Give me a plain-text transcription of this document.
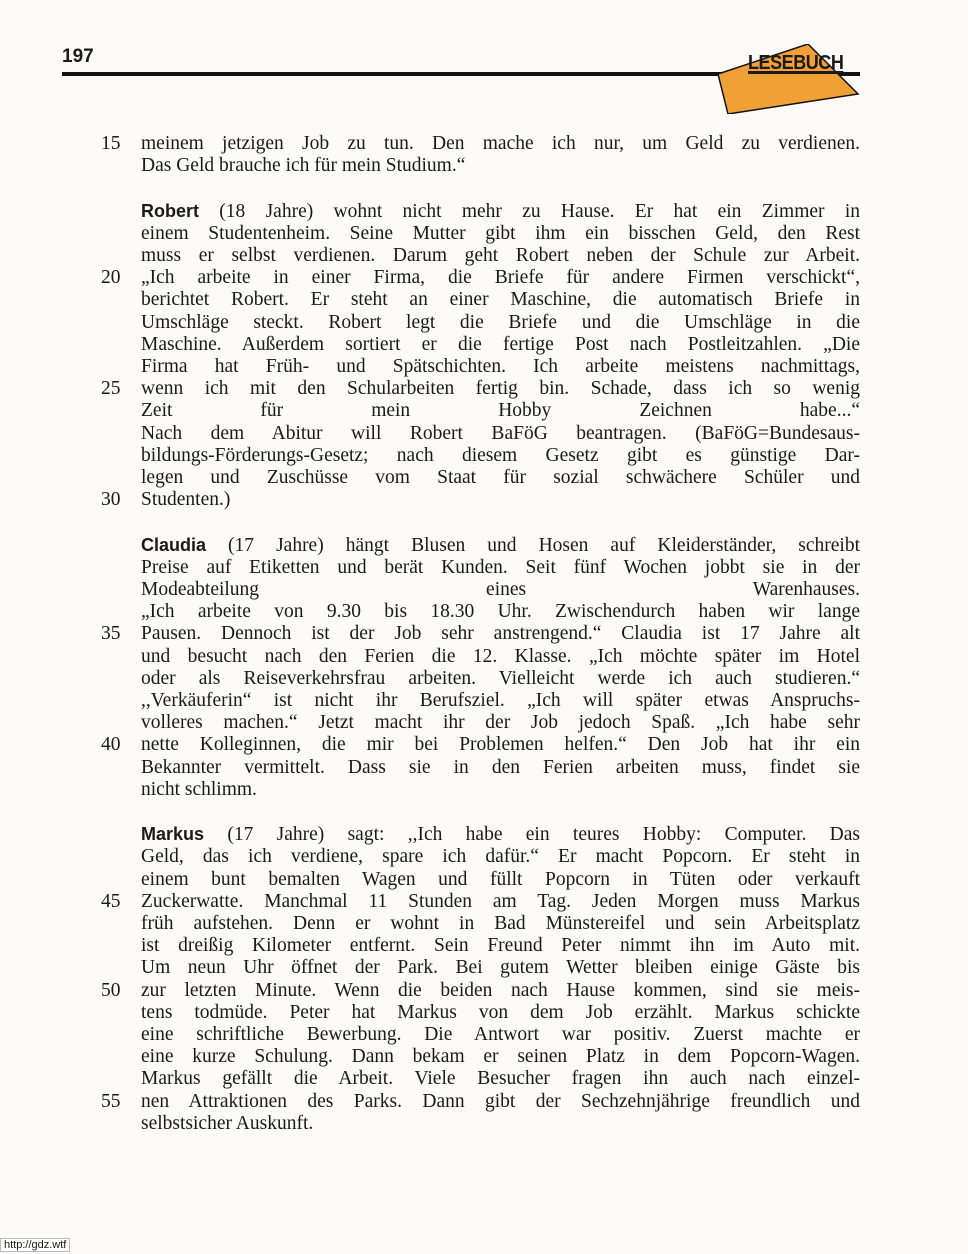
197	LESEBUCH
15	meinem jetzigen Job zu tun. Den mache ich nur, um Geld zu verdienen.
Das Geld brauche ich für mein Studium.“
Robert (18 Jahre) wohnt nicht mehr zu Hause. Er hat ein Zimmer in
einem Studentenheim. Seine Mutter gibt ihm ein bisschen Geld, den Rest
muss er selbst verdienen. Darum geht Robert neben der Schule zur Arbeit.
20	„Ich arbeite in einer Firma, die Briefe für andere Firmen verschickt“,
berichtet Robert. Er steht an einer Maschine, die automatisch Briefe in
Umschläge steckt. Robert legt die Briefe und die Umschläge in die
Maschine. Außerdem sortiert er die fertige Post nach Postleitzahlen. „Die
Firma hat Früh- und Spätschichten. Ich arbeite meistens nachmittags,
25	wenn ich mit den Schularbeiten fertig bin. Schade, dass ich so wenig
Zeit für mein Hobby Zeichnen habe...“
Nach dem Abitur will Robert BaFöG beantragen. (BaFöG=Bundesaus-
bildungs-Förderungs-Gesetz; nach diesem Gesetz gibt es günstige Dar-
legen und Zuschüsse vom Staat für sozial schwächere Schüler und
30	Studenten.)
Claudia (17 Jahre) hängt Blusen und Hosen auf Kleiderständer, schreibt
Preise auf Etiketten und berät Kunden. Seit fünf Wochen jobbt sie in der
Modeabteilung eines Warenhauses.
„Ich arbeite von 9.30 bis 18.30 Uhr. Zwischendurch haben wir lange
35	Pausen. Dennoch ist der Job sehr anstrengend.“ Claudia ist 17 Jahre alt
und besucht nach den Ferien die 12. Klasse. „Ich möchte später im Hotel
oder als Reiseverkehrsfrau arbeiten. Vielleicht werde ich auch studieren.“
,,Verkäuferin“ ist nicht ihr Berufsziel. „Ich will später etwas Anspruchs-
volleres machen.“ Jetzt macht ihr der Job jedoch Spaß. „Ich habe sehr
40	nette Kolleginnen, die mir bei Problemen helfen.“ Den Job hat ihr ein
Bekannter vermittelt. Dass sie in den Ferien arbeiten muss, findet sie
nicht schlimm.
Markus (17 Jahre) sagt: ,,Ich habe ein teures Hobby: Computer. Das
Geld, das ich verdiene, spare ich dafür.“ Er macht Popcorn. Er steht in
einem bunt bemalten Wagen und füllt Popcorn in Tüten oder verkauft
45	Zuckerwatte. Manchmal 11 Stunden am Tag. Jeden Morgen muss Markus
früh aufstehen. Denn er wohnt in Bad Münstereifel und sein Arbeitsplatz
ist dreißig Kilometer entfernt. Sein Freund Peter nimmt ihn im Auto mit.
Um neun Uhr öffnet der Park. Bei gutem Wetter bleiben einige Gäste bis
50	zur letzten Minute. Wenn die beiden nach Hause kommen, sind sie meis-
tens todmüde. Peter hat Markus von dem Job erzählt. Markus schickte
eine schriftliche Bewerbung. Die Antwort war positiv. Zuerst machte er
eine kurze Schulung. Dann bekam er seinen Platz in dem Popcorn-Wagen.
Markus gefällt die Arbeit. Viele Besucher fragen ihn auch nach einzel-
55	nen Attraktionen des Parks. Dann gibt der Sechzehnjährige freundlich und
selbstsicher Auskunft.
http://gdz.wtf
